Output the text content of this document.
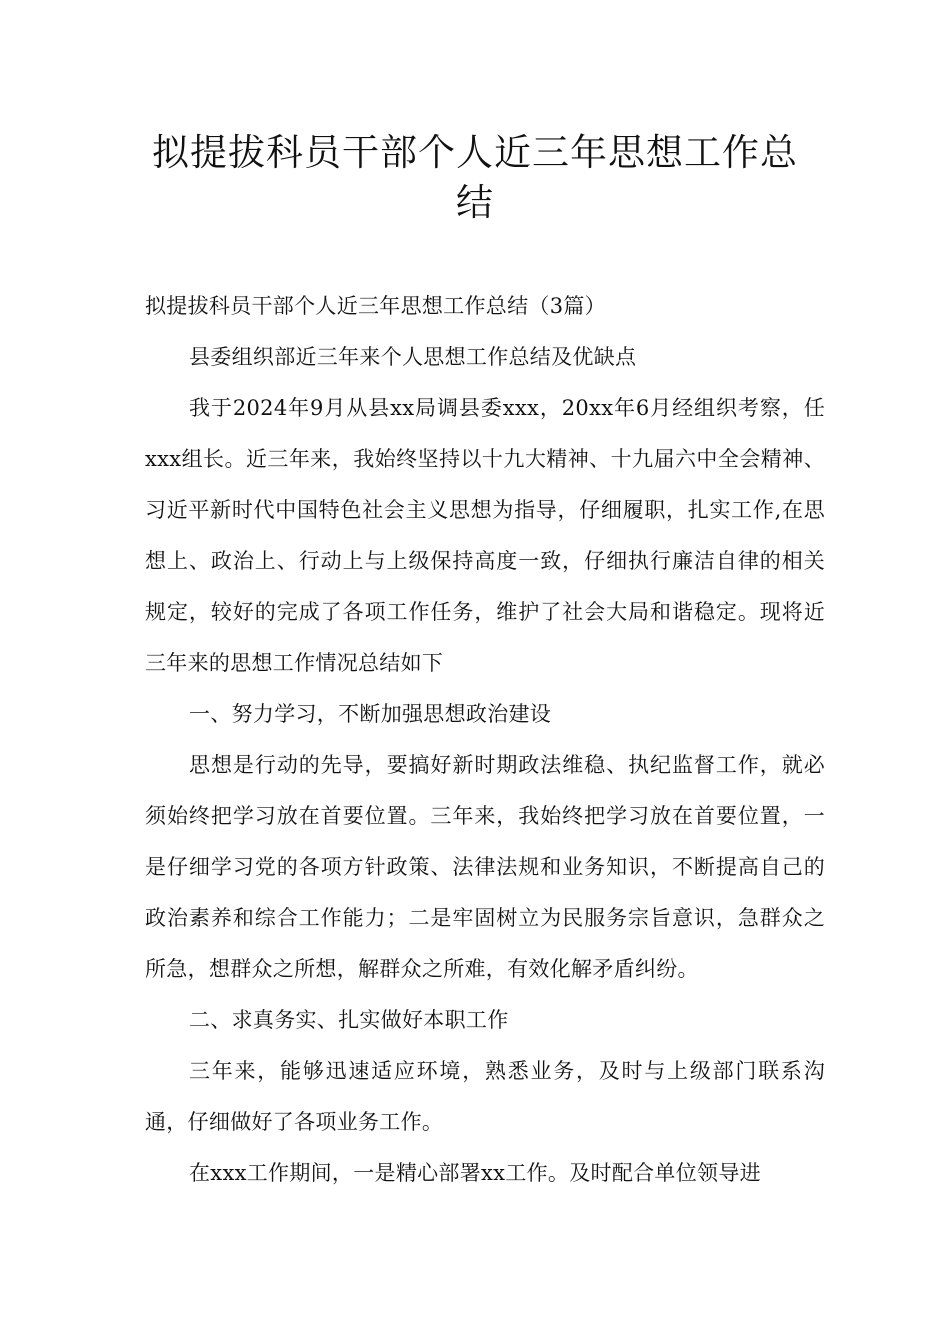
拟提拔科员干部个人近三年思想工作总
结

拟提拔科员干部个人近三年思想工作总结（3篇）

县委组织部近三年来个人思想工作总结及优缺点

我于2024年9月从县xx局调县委xxx，20xx年6月经组织考察，任xxx组长。近三年来，我始终坚持以十九大精神、十九届六中全会精神、习近平新时代中国特色社会主义思想为指导，仔细履职，扎实工作,在思想上、政治上、行动上与上级保持高度一致，仔细执行廉洁自律的相关规定，较好的完成了各项工作任务，维护了社会大局和谐稳定。现将近三年来的思想工作情况总结如下

一、努力学习，不断加强思想政治建设

思想是行动的先导，要搞好新时期政法维稳、执纪监督工作，就必须始终把学习放在首要位置。三年来，我始终把学习放在首要位置，一是仔细学习党的各项方针政策、法律法规和业务知识，不断提高自己的政治素养和综合工作能力；二是牢固树立为民服务宗旨意识，急群众之所急，想群众之所想，解群众之所难，有效化解矛盾纠纷。

二、求真务实、扎实做好本职工作

三年来，能够迅速适应环境，熟悉业务，及时与上级部门联系沟通，仔细做好了各项业务工作。

在xxx工作期间，一是精心部署xx工作。及时配合单位领导进
